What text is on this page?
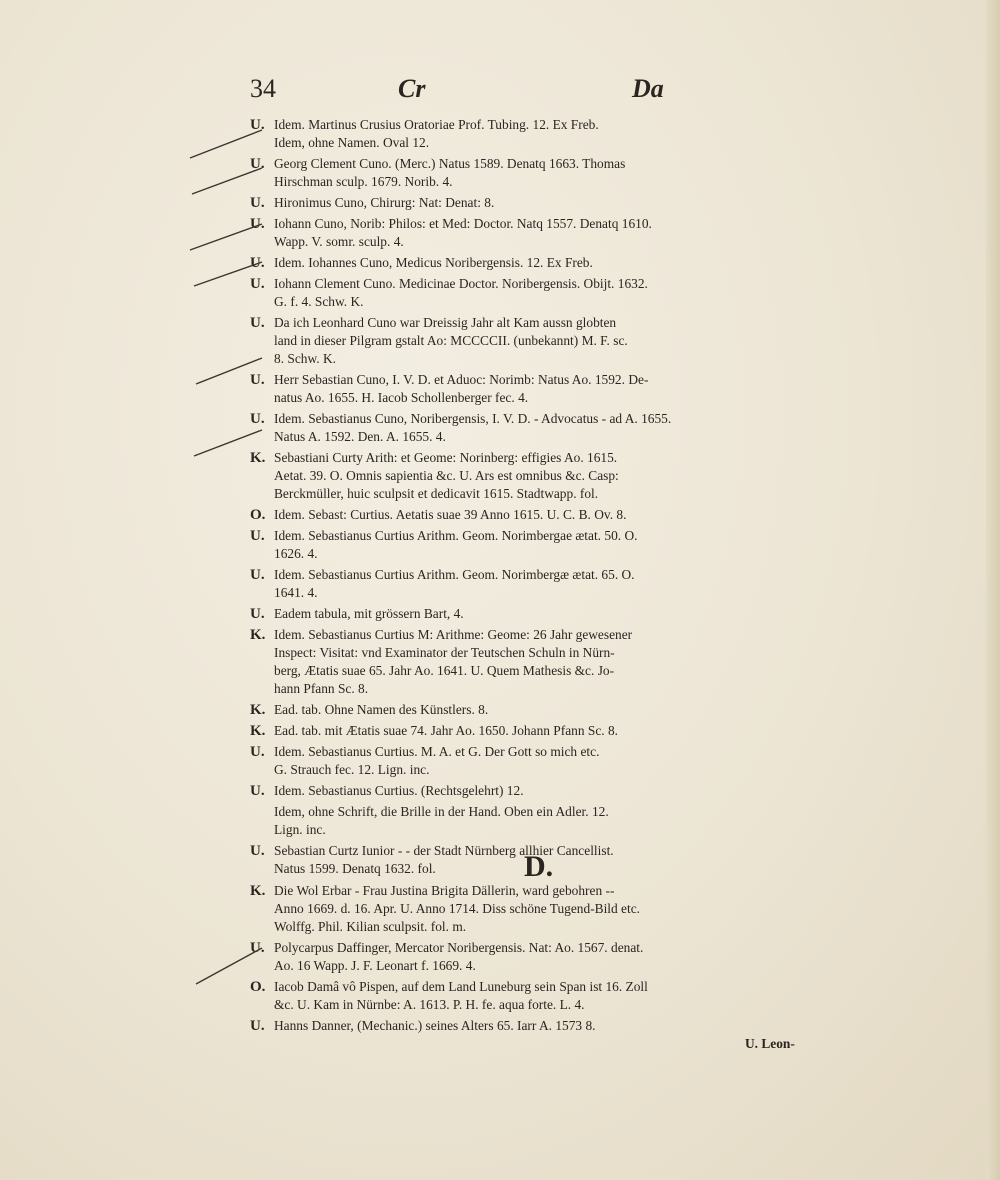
34	Cr	Da
U. Idem. Martinus Crusius Oratoriae Prof. Tubing. 12. Ex Freb.
Idem, ohne Namen. Oval 12.
U. Georg Clement Cuno. (Merc.) Natus 1589. Denatq 1663. Thomas
Hirschman sculp. 1679. Norib. 4.
U. Hironimus Cuno, Chirurg: Nat: Denat: 8.
U. Iohann Cuno, Norib: Philos: et Med: Doctor. Natq 1557. Denatq 1610.
Wapp. V. somr. sculp. 4.
U. Idem. Iohannes Cuno, Medicus Noribergensis. 12. Ex Freb.
U. Iohann Clement Cuno. Medicinae Doctor. Noribergensis. Obijt. 1632.
G. f. 4. Schw. K.
U. Da ich Leonhard Cuno war Dreissig Jahr alt Kam aussn globten
land in dieser Pilgram gstalt Ao: MCCCCII. (unbekannt) M. F. sc.
8. Schw. K.
U. Herr Sebastian Cuno, I. V. D. et Aduoc: Norimb: Natus Ao. 1592. De-
natus Ao. 1655. H. Iacob Schollenberger fec. 4.
U. Idem. Sebastianus Cuno, Noribergensis, I. V. D. - Advocatus - ad A. 1655.
Natus A. 1592. Den. A. 1655. 4.
K. Sebastiani Curty Arith: et Geome: Norinberg: effigies Ao. 1615.
Aetat. 39. O. Omnis sapientia &c. U. Ars est omnibus &c. Casp:
Berckmüller, huic sculpsit et dedicavit 1615. Stadtwapp. fol.
O. Idem. Sebast: Curtius. Aetatis suae 39 Anno 1615. U. C. B. Ov. 8.
U. Idem. Sebastianus Curtius Arithm. Geom. Norimbergae ætat. 50. O.
1626. 4.
U. Idem. Sebastianus Curtius Arithm. Geom. Norimbergæ ætat. 65. O.
1641. 4.
U. Eadem tabula, mit grössern Bart, 4.
K. Idem. Sebastianus Curtius M: Arithme: Geome: 26 Jahr gewesener
Inspect: Visitat: vnd Examinator der Teutschen Schuln in Nürn-
berg, Ætatis suae 65. Jahr Ao. 1641. U. Quem Mathesis &c. Jo-
hann Pfann Sc. 8.
K. Ead. tab. Ohne Namen des Künstlers. 8.
K. Ead. tab. mit Ætatis suae 74. Jahr Ao. 1650. Johann Pfann Sc. 8.
U. Idem. Sebastianus Curtius. M. A. et G. Der Gott so mich etc.
G. Strauch fec. 12. Lign. inc.
U. Idem. Sebastianus Curtius. (Rechtsgelehrt) 12.
Idem, ohne Schrift, die Brille in der Hand. Oben ein Adler. 12.
Lign. inc.
U. Sebastian Curtz Iunior - - der Stadt Nürnberg allhier Cancellist.
Natus 1599. Denatq 1632. fol.	D.
K. Die Wol Erbar - Frau Justina Brigita Dällerin, ward gebohren --
Anno 1669. d. 16. Apr. U. Anno 1714. Diss schöne Tugend-Bild etc.
Wolffg. Phil. Kilian sculpsit. fol. m.
U. Polycarpus Daffinger, Mercator Noribergensis. Nat: Ao. 1567. denat.
Ao. 16 Wapp. J. F. Leonart f. 1669. 4.
O. Iacob Damâ vô Pispen, auf dem Land Luneburg sein Span ist 16. Zoll
&c. U. Kam in Nürnbe: A. 1613. P. H. fe. aqua forte. L. 4.
U. Hanns Danner, (Mechanic.) seines Alters 65. Iarr A. 1573 8.
U. Leon-
